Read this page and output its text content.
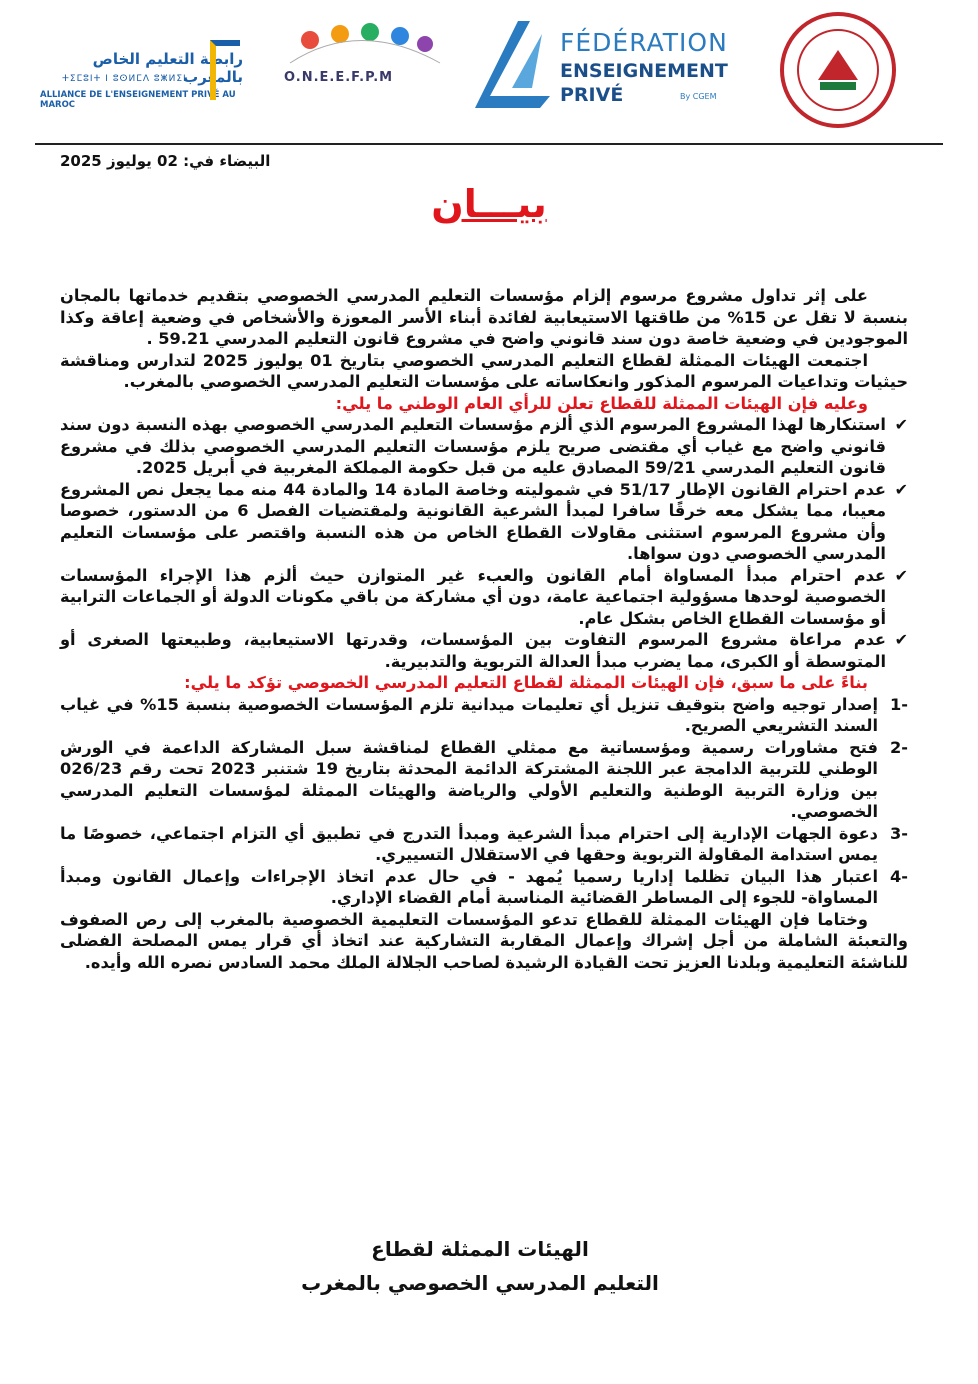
رابطة التعليم الخاص بالمغرب
ⵜⵉⵎⵓⵏⵜ ⵏ ⵓⵙⵍⵎⴷ ⵓⵥⵍⵉⵏ
ALLIANCE DE L'ENSEIGNEMENT PRIVÉ AU MAROC
O.N.E.E.F.P.M
FÉDÉRATION
ENSEIGNEMENT
PRIVÉ	By CGEM
البيضاء في: 02 يوليوز 2025
بيـــان

على إثر تداول مشروع مرسوم إلزام مؤسسات التعليم المدرسي الخصوصي بتقديم خدماتها بالمجان بنسبة لا تقل عن 15% من طاقتها الاستيعابية لفائدة أبناء الأسر المعوزة والأشخاص في وضعية إعاقة وكذا الموجودين في وضعية خاصة دون سند قانوني واضح في مشروع قانون التعليم المدرسي 59.21 .

اجتمعت الهيئات الممثلة لقطاع التعليم المدرسي الخصوصي بتاريخ 01 يوليوز 2025 لتدارس ومناقشة حيثيات وتداعيات المرسوم المذكور وانعكاساته على مؤسسات التعليم المدرسي الخصوصي بالمغرب.

وعليه فإن الهيئات الممثلة للقطاع تعلن للرأي العام الوطني ما يلي:

✔
استنكارها لهذا المشروع المرسوم الذي ألزم مؤسسات التعليم المدرسي الخصوصي بهذه النسبة دون سند قانوني واضح مع غياب أي مقتضى صريح يلزم مؤسسات التعليم المدرسي الخصوصي بذلك في مشروع قانون التعليم المدرسي 59/21 المصادق عليه من قبل حكومة المملكة المغربية في أبريل 2025.
✔
عدم احترام القانون الإطار 51/17 في شموليته وخاصة المادة 14 والمادة 44 منه مما يجعل نص المشروع معيبا، مما يشكل معه خرقًا سافرا لمبدأ الشرعية القانونية ولمقتضيات الفصل 6 من الدستور، خصوصا وأن مشروع المرسوم استثنى مقاولات القطاع الخاص من هذه النسبة واقتصر على مؤسسات التعليم المدرسي الخصوصي دون سواها.
✔
عدم احترام مبدأ المساواة أمام القانون والعبء غير المتوازن حيث ألزم هذا الإجراء المؤسسات الخصوصية لوحدها مسؤولية اجتماعية عامة، دون أي مشاركة من باقي مكونات الدولة أو الجماعات الترابية أو مؤسسات القطاع الخاص بشكل عام.
✔
عدم مراعاة مشروع المرسوم التفاوت بين المؤسسات، وقدرتها الاستيعابية، وطبيعتها الصغرى أو المتوسطة أو الكبرى، مما يضرب مبدأ العدالة التربوية والتدبيرية.

بناءً على ما سبق، فإن الهيئات الممثلة لقطاع التعليم المدرسي الخصوصي تؤكد ما يلي:

-1
إصدار توجيه واضح بتوقيف تنزيل أي تعليمات ميدانية تلزم المؤسسات الخصوصية بنسبة 15% في غياب السند التشريعي الصريح.
-2
فتح مشاورات رسمية ومؤسساتية مع ممثلي القطاع لمناقشة سبل المشاركة الداعمة في الورش الوطني للتربية الدامجة عبر اللجنة المشتركة الدائمة المحدثة بتاريخ 19 شتنبر 2023 تحت رقم 026/23 بين وزارة التربية الوطنية والتعليم الأولي والرياضة والهيئات الممثلة لمؤسسات التعليم المدرسي الخصوصي.
-3
دعوة الجهات الإدارية إلى احترام مبدأ الشرعية ومبدأ التدرج في تطبيق أي التزام اجتماعي، خصوصًا ما يمس استدامة المقاولة التربوية وحقها في الاستقلال التسييري.
-4
اعتبار هذا البيان تظلما إداريا رسميا يُمهد - في حال عدم اتخاذ الإجراءات وإعمال القانون ومبدأ المساواة- للجوء إلى المساطر القضائية المناسبة أمام القضاء الإداري.

وختاما فإن الهيئات الممثلة للقطاع تدعو المؤسسات التعليمية الخصوصية بالمغرب إلى رص الصفوف والتعبئة الشاملة من أجل إشراك وإعمال المقاربة التشاركية عند اتخاذ أي قرار يمس المصلحة الفضلى للناشئة التعليمية وبلدنا العزيز تحت القيادة الرشيدة لصاحب الجلالة الملك محمد السادس نصره الله وأيده.

الهيئات الممثلة لقطاع
التعليم المدرسي الخصوصي بالمغرب
